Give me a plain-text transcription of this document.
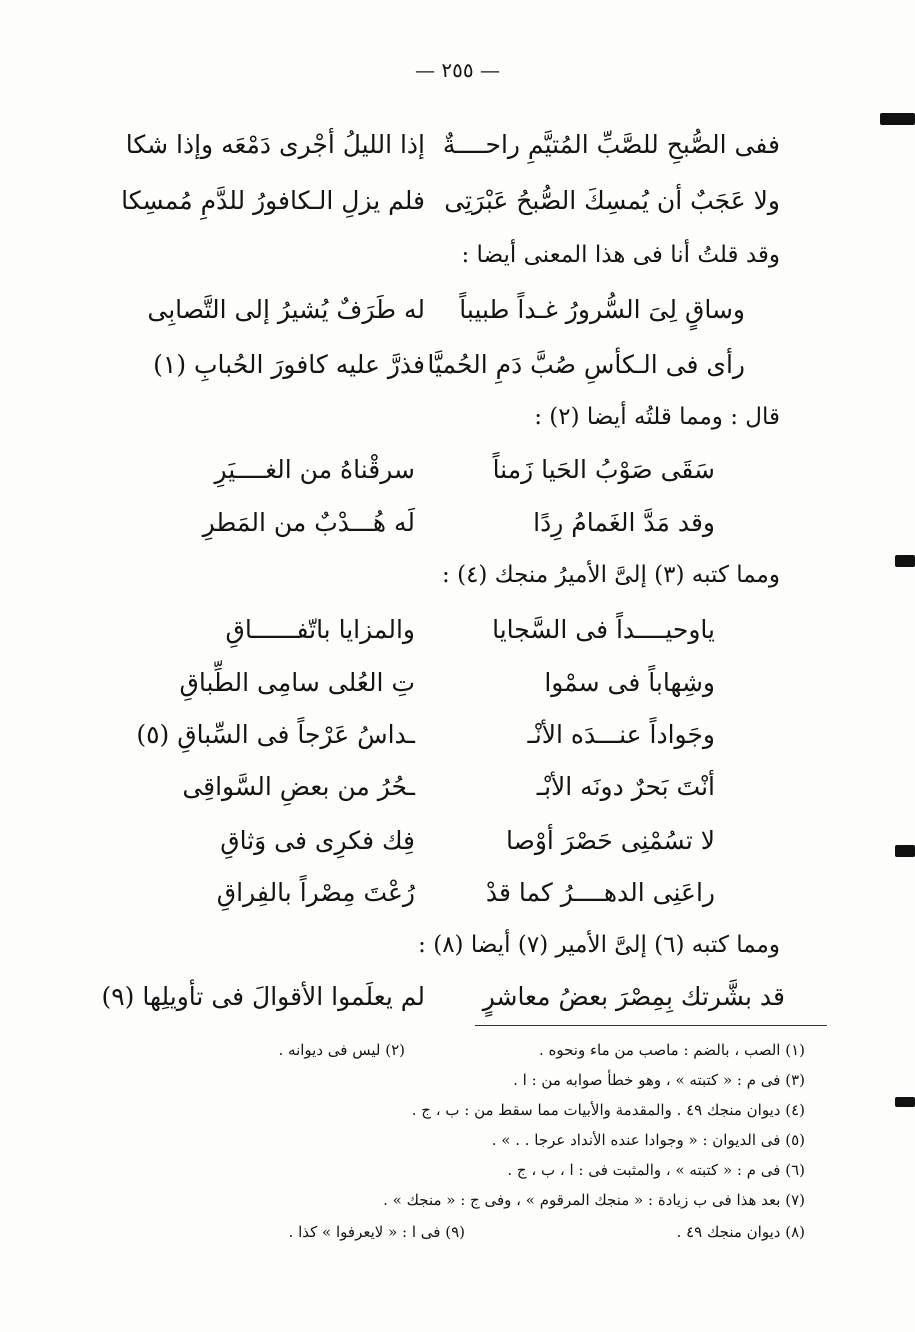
— ٢٥٥ —
ففى الصُّبحِ للصَّبِّ المُتيَّمِ راحــــةٌ
إذا الليلُ أجْرى دَمْعَه وإذا شكا
ولا عَجَبٌ أن يُمسِكَ الصُّبحُ عَبْرَتِى
فلم يزلِ الـكافورُ للدَّمِ مُمسِكا
وقد قلتُ أنا فى هذا المعنى أيضا :
وساقٍ لِىَ السُّرورُ غـداً طبيباً
له طَرَفٌ يُشيرُ إلى التَّصابِى
رأى فى الـكأسِ صُبَّ دَمِ الحُميَّا
فذرَّ عليه كافورَ الحُبابِ (١)
قال : ومما قلتُه أيضا (٢) :
سَقَى صَوْبُ الحَيا زَمناً
سرقْناهُ من الغــــيَرِ
وقد مَدَّ الغَمامُ رِدًا
لَه هُـــدْبٌ من المَطرِ
ومما كتبه (٣) إلىَّ الأميرُ منجك (٤) :
ياوحيــــداً فى السَّجايا
والمزايا باتّفــــــاقِ
وشِهاباً فى سمْوا
تِ العُلى سامِى الطِّباقِ
وجَواداً عنـــدَه الأنْـ
ـداسُ عَرْجاً فى السِّباقِ (٥)
أنْتَ بَحرٌ دونَه الأبْـ
ـحُرُ من بعضِ السَّواقِى
لا تسُمْنِى حَصْرَ أوْصا
فِك فكرِى فى وَثاقِ
راعَنِى الدهــــرُ كما قدْ
رُعْتَ مِصْراً بالفِراقِ
ومما كتبه (٦) إلىَّ الأمير (٧) أيضا (٨) :
قد بشَّرتك بِمِصْرَ بعضُ معاشرٍ
لم يعلَموا الأقوالَ فى تأويلِها (٩)
(١) الصب ، بالضم : ماصب من ماء ونحوه .
(٢) ليس فى ديوانه .
(٣) فى م : « كتبته » ، وهو خطأ صوابه من : ا .
(٤) ديوان منجك ٤٩ . والمقدمة والأبيات مما سقط من : ب ، ج .
(٥) فى الديوان : « وجوادا عنده الأنداد عرجا . . » .
(٦) فى م : « كتبته » ، والمثبت فى : ا ، ب ، ج .
(٧) بعد هذا فى ب زيادة : « منجك المرقوم » ، وفى ج : « منجك » .
(٨) ديوان منجك ٤٩ .
(٩) فى ا : « لايعرفوا » كذا .
